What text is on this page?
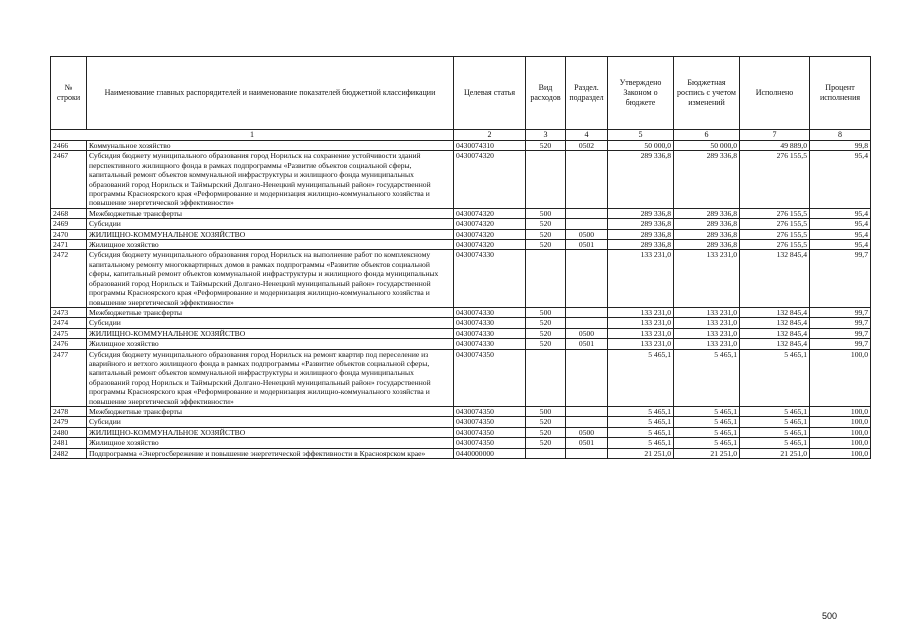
№ строки	Наименование главных распорядителей и наименование показателей бюджетной классификации	Целевая статья	Вид расходов	Раздел. подраздел	Утверждено Законом о бюджете	Бюджетная роспись с учетом изменений	Исполнено	Процент исполнения
1		2	3	4	5	6	7	8
2466	Коммунальное хозяйство	0430074310	520	0502	50 000,0	50 000,0	49 889,0	99,8
2467	Субсидия бюджету муниципального образования город Норильск на сохранение устойчивости зданий перспективного жилищного фонда в рамках подпрограммы «Развитие объектов социальной сферы, капитальный ремонт объектов коммунальной инфраструктуры и жилищного фонда муниципальных образований город Норильск и Таймырский Долгано-Ненецкий муниципальный район» государственной программы Красноярского края «Реформирование и модернизация жилищно-коммунального хозяйства и повышение энергетической эффективности»	0430074320			289 336,8	289 336,8	276 155,5	95,4
2468	Межбюджетные трансферты	0430074320	500		289 336,8	289 336,8	276 155,5	95,4
2469	Субсидии	0430074320	520		289 336,8	289 336,8	276 155,5	95,4
2470	ЖИЛИЩНО-КОММУНАЛЬНОЕ ХОЗЯЙСТВО	0430074320	520	0500	289 336,8	289 336,8	276 155,5	95,4
2471	Жилищное хозяйство	0430074320	520	0501	289 336,8	289 336,8	276 155,5	95,4
2472	Субсидия бюджету муниципального образования город Норильск на выполнение работ по комплексному капитальному ремонту многоквартирных домов в рамках подпрограммы «Развитие объектов социальной сферы, капитальный ремонт объектов коммунальной инфраструктуры и жилищного фонда муниципальных образований город Норильск и Таймырский Долгано-Ненецкий муниципальный район» государственной программы Красноярского края «Реформирование и модернизация жилищно-коммунального хозяйства и повышение энергетической эффективности»	0430074330			133 231,0	133 231,0	132 845,4	99,7
2473	Межбюджетные трансферты	0430074330	500		133 231,0	133 231,0	132 845,4	99,7
2474	Субсидии	0430074330	520		133 231,0	133 231,0	132 845,4	99,7
2475	ЖИЛИЩНО-КОММУНАЛЬНОЕ ХОЗЯЙСТВО	0430074330	520	0500	133 231,0	133 231,0	132 845,4	99,7
2476	Жилищное хозяйство	0430074330	520	0501	133 231,0	133 231,0	132 845,4	99,7
2477	Субсидия бюджету муниципального образования город Норильск на ремонт квартир под переселение из аварийного и ветхого жилищного фонда в рамках подпрограммы «Развитие объектов социальной сферы, капитальный ремонт объектов коммунальной инфраструктуры и жилищного фонда муниципальных образований город Норильск и Таймырский Долгано-Ненецкий муниципальный район» государственной программы Красноярского края «Реформирование и модернизация жилищно-коммунального хозяйства и повышение энергетической эффективности»	0430074350			5 465,1	5 465,1	5 465,1	100,0
2478	Межбюджетные трансферты	0430074350	500		5 465,1	5 465,1	5 465,1	100,0
2479	Субсидии	0430074350	520		5 465,1	5 465,1	5 465,1	100,0
2480	ЖИЛИЩНО-КОММУНАЛЬНОЕ ХОЗЯЙСТВО	0430074350	520	0500	5 465,1	5 465,1	5 465,1	100,0
2481	Жилищное хозяйство	0430074350	520	0501	5 465,1	5 465,1	5 465,1	100,0
2482	Подпрограмма «Энергосбережение и повышение энергетической эффективности в Красноярском крае»	0440000000			21 251,0	21 251,0	21 251,0	100,0
500
